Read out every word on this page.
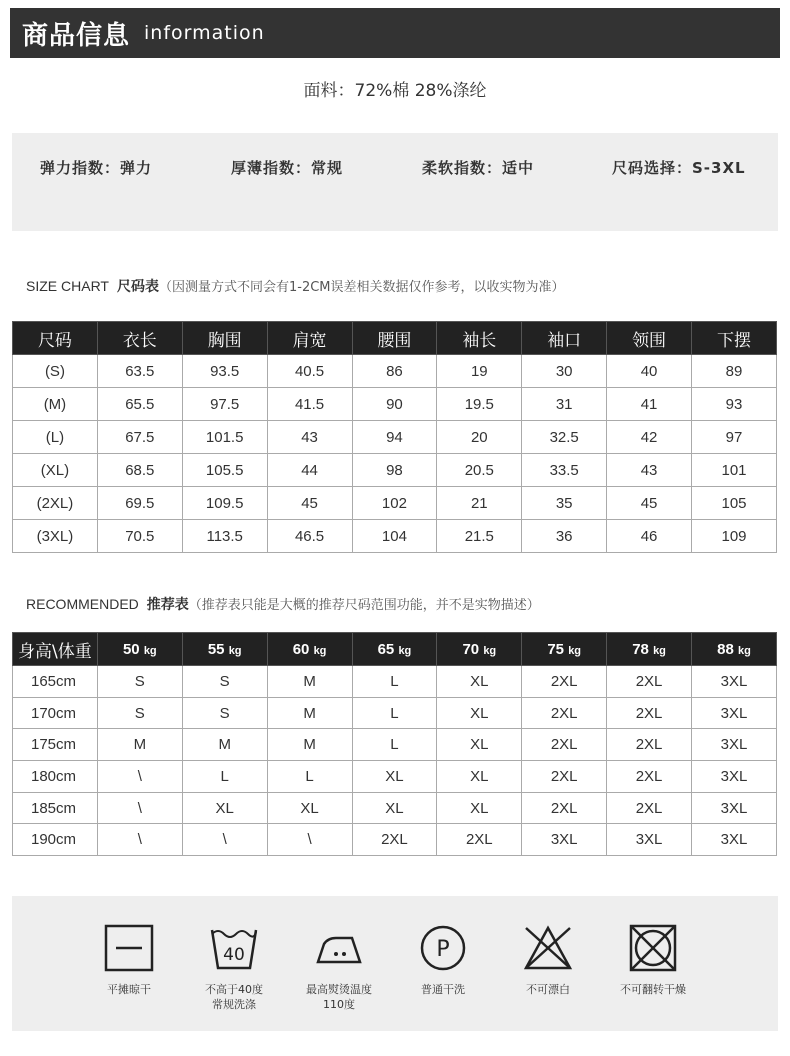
商品信息 information
面料：72%棉 28%涤纶
弹力指数：弹力	厚薄指数：常规	柔软指数：适中	尺码选择：S-3XL
SIZE CHART 尺码表（因测量方式不同会有1-2CM误差相关数据仅作参考，以收实物为准）
尺码	衣长	胸围	肩宽	腰围	袖长	袖口	领围	下摆
(S)	63.5	93.5	40.5	86	19	30	40	89
(M)	65.5	97.5	41.5	90	19.5	31	41	93
(L)	67.5	101.5	43	94	20	32.5	42	97
(XL)	68.5	105.5	44	98	20.5	33.5	43	101
(2XL)	69.5	109.5	45	102	21	35	45	105
(3XL)	70.5	113.5	46.5	104	21.5	36	46	109
RECOMMENDED 推荐表（推荐表只能是大概的推荐尺码范围功能，并不是实物描述）
身高\体重	50 kg	55 kg	60 kg	65 kg	70 kg	75 kg	78 kg	88 kg
165cm	S	S	M	L	XL	2XL	2XL	3XL
170cm	S	S	M	L	XL	2XL	2XL	3XL
175cm	M	M	M	L	XL	2XL	2XL	3XL
180cm	\	L	L	XL	XL	2XL	2XL	3XL
185cm	\	XL	XL	XL	XL	2XL	2XL	3XL
190cm	\	\	\	2XL	2XL	3XL	3XL	3XL
平摊晾干
40
不高于40度
常规洗涤
最高熨烫温度
110度
P
普通干洗	不可漂白	不可翻转干燥
